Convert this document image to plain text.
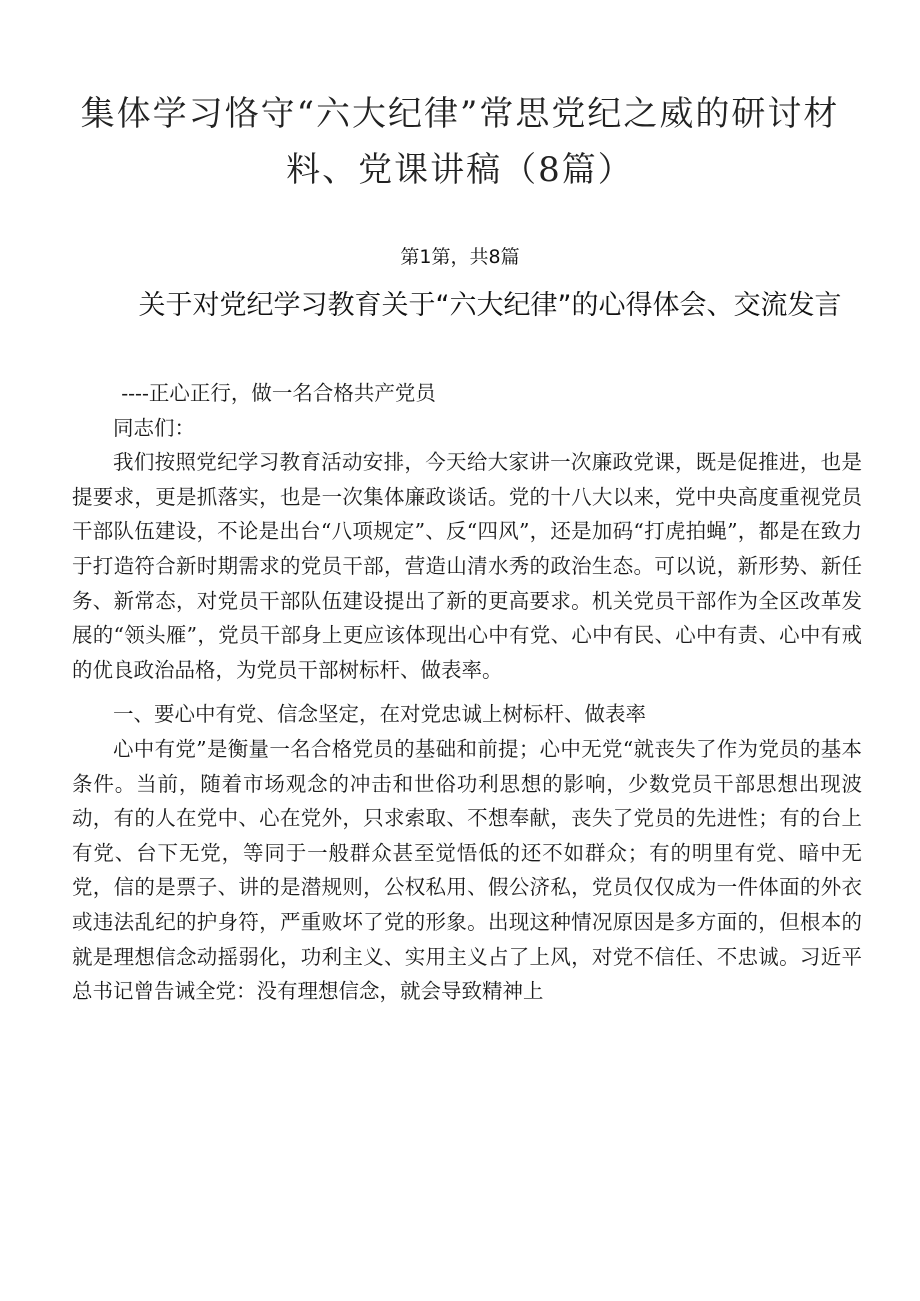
集体学习恪守“六大纪律”常思党纪之威的研讨材料、党课讲稿（8篇）
第1第，共8篇
关于对党纪学习教育关于“六大纪律”的心得体会、交流发言

----正心正行，做一名合格共产党员

同志们：

我们按照党纪学习教育活动安排，今天给大家讲一次廉政党课，既是促推进，也是提要求，更是抓落实，也是一次集体廉政谈话。党的十八大以来，党中央高度重视党员干部队伍建设，不论是出台“八项规定”、反“四风”，还是加码“打虎拍蝇”，都是在致力于打造符合新时期需求的党员干部，营造山清水秀的政治生态。可以说，新形势、新任务、新常态，对党员干部队伍建设提出了新的更高要求。机关党员干部作为全区改革发展的“领头雁”，党员干部身上更应该体现出心中有党、心中有民、心中有责、心中有戒的优良政治品格，为党员干部树标杆、做表率。

一、要心中有党、信念坚定，在对党忠诚上树标杆、做表率

心中有党”是衡量一名合格党员的基础和前提；心中无党“就丧失了作为党员的基本条件。当前，随着市场观念的冲击和世俗功利思想的影响，少数党员干部思想出现波动，有的人在党中、心在党外，只求索取、不想奉献，丧失了党员的先进性；有的台上有党、台下无党，等同于一般群众甚至觉悟低的还不如群众；有的明里有党、暗中无党，信的是票子、讲的是潜规则，公权私用、假公济私，党员仅仅成为一件体面的外衣或违法乱纪的护身符，严重败坏了党的形象。出现这种情况原因是多方面的，但根本的就是理想信念动摇弱化，功利主义、实用主义占了上风，对党不信任、不忠诚。习近平总书记曾告诫全党：没有理想信念，就会导致精神上
